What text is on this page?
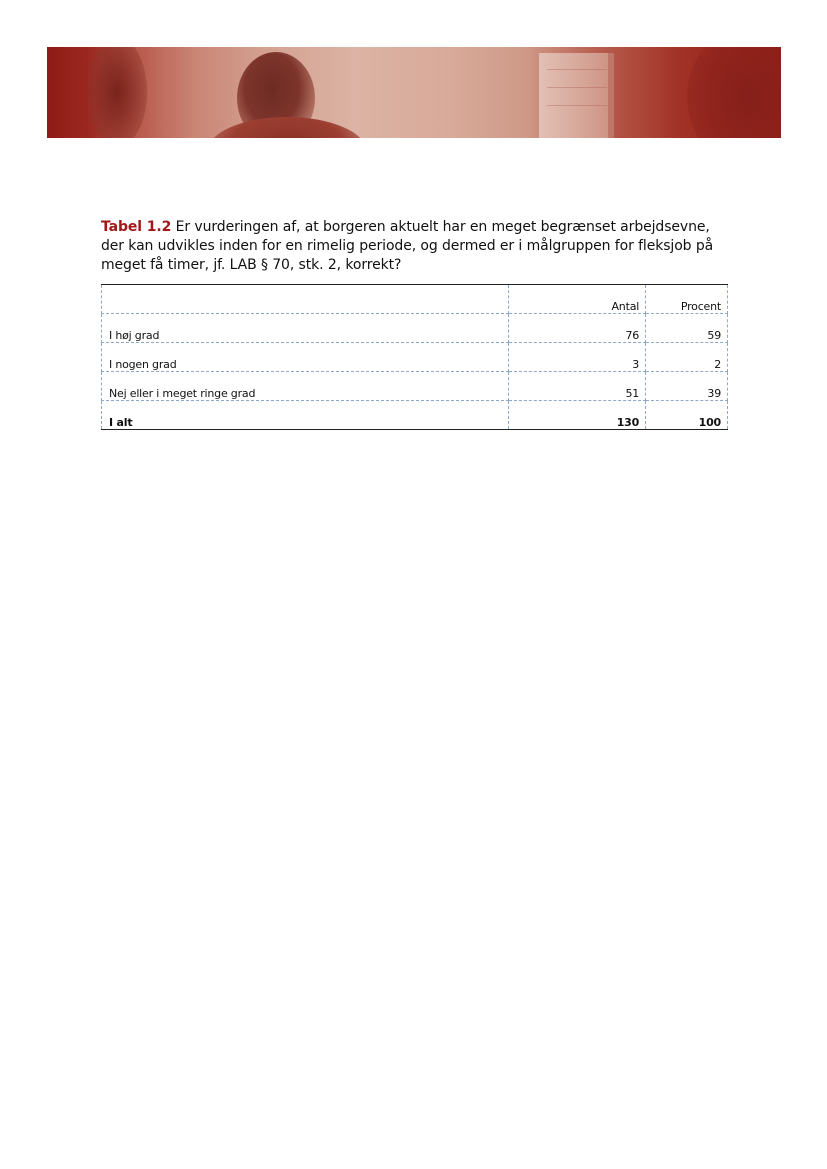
Tabel 1.2 Er vurderingen af, at borgeren aktuelt har en meget begrænset arbejdsevne, der kan udvikles inden for en rimelig periode, og dermed er i målgruppen for fleksjob på meget få timer, jf. LAB § 70, stk. 2, korrekt?
	Antal	Procent
I høj grad	76	59
I nogen grad	3	2
Nej eller i meget ringe grad	51	39
I alt	130	100
